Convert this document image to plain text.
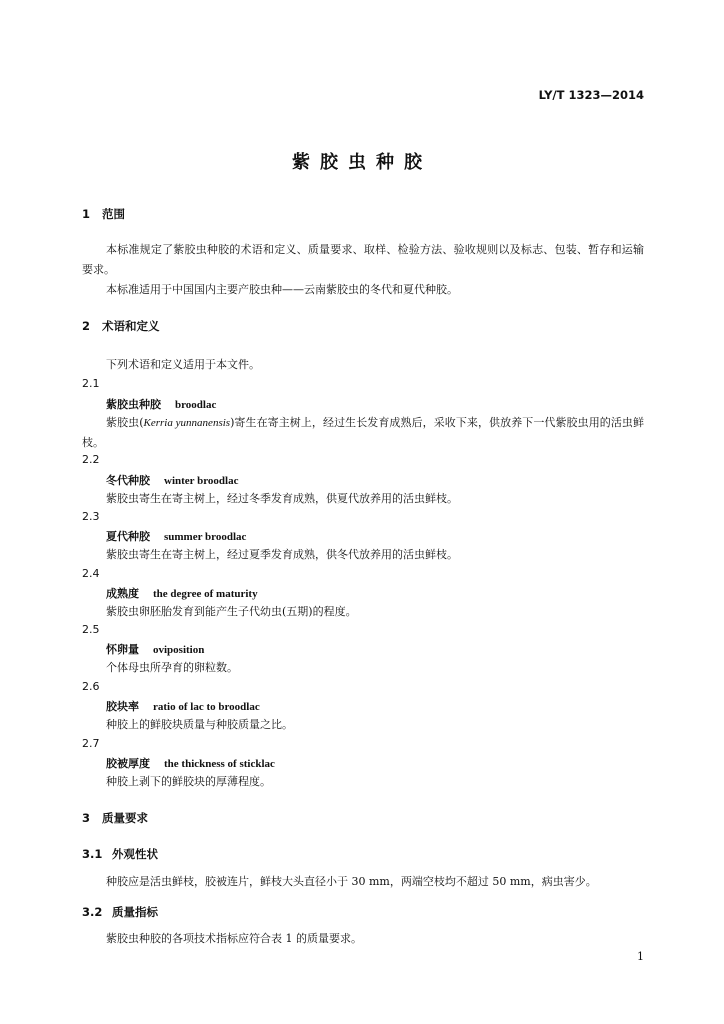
LY/T 1323—2014
紫胶虫种胶
1 范围
本标准规定了紫胶虫种胶的术语和定义、质量要求、取样、检验方法、验收规则以及标志、包装、暂存和运输要求。
本标准适用于中国国内主要产胶虫种——云南紫胶虫的冬代和夏代种胶。
2 术语和定义
下列术语和定义适用于本文件。
2.1
紫胶虫种胶 broodlac
紫胶虫(Kerria yunnanensis)寄生在寄主树上，经过生长发育成熟后，采收下来，供放养下一代紫胶虫用的活虫鲜枝。
2.2
冬代种胶 winter broodlac
紫胶虫寄生在寄主树上，经过冬季发育成熟，供夏代放养用的活虫鲜枝。
2.3
夏代种胶 summer broodlac
紫胶虫寄生在寄主树上，经过夏季发育成熟，供冬代放养用的活虫鲜枝。
2.4
成熟度 the degree of maturity
紫胶虫卵胚胎发育到能产生子代幼虫(五期)的程度。
2.5
怀卵量 oviposition
个体母虫所孕育的卵粒数。
2.6
胶块率 ratio of lac to broodlac
种胶上的鲜胶块质量与种胶质量之比。
2.7
胶被厚度 the thickness of sticklac
种胶上剥下的鲜胶块的厚薄程度。
3 质量要求
3.1 外观性状
种胶应是活虫鲜枝，胶被连片，鲜枝大头直径小于 30 mm，两端空枝均不超过 50 mm，病虫害少。
3.2 质量指标
紫胶虫种胶的各项技术指标应符合表 1 的质量要求。
1
